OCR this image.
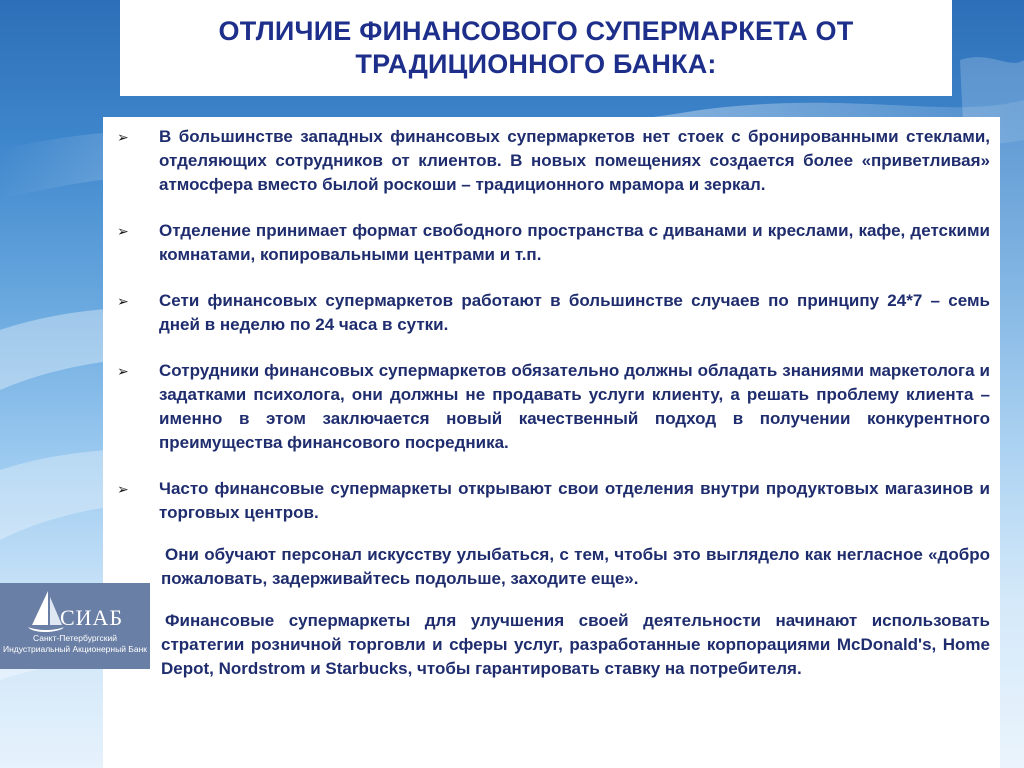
ОТЛИЧИЕ ФИНАНСОВОГО СУПЕРМАРКЕТА ОТ ТРАДИЦИОННОГО БАНКА:
➢	В большинстве западных финансовых супермаркетов нет стоек с бронированными стеклами, отделяющих сотрудников от клиентов. В новых помещениях создается более «приветливая» атмосфера вместо былой роскоши – традиционного мрамора и зеркал.

➢	Отделение принимает формат свободного пространства с диванами и креслами, кафе, детскими комнатами, копировальными центрами и т.п.

➢	Сети финансовых супермаркетов работают в большинстве случаев по принципу 24*7 – семь дней в неделю по 24 часа в сутки.

➢	Сотрудники финансовых супермаркетов обязательно должны обладать знаниями маркетолога и задатками психолога, они должны не продавать услуги клиенту, а решать проблему клиента – именно в этом заключается новый качественный подход в получении конкурентного преимущества финансового посредника.

➢	Часто финансовые супермаркеты открывают свои отделения внутри продуктовых магазинов и торговых центров.

Они обучают персонал искусству улыбаться, с тем, чтобы это выглядело как негласное «добро пожаловать, задерживайтесь подольше, заходите еще».

Финансовые супермаркеты для улучшения своей деятельности начинают использовать стратегии розничной торговли и сферы услуг, разработанные корпорациями McDonald's, Home Depot, Nordstrom и Starbucks, чтобы гарантировать ставку на потребителя.

СИАБ
Санкт-Петербургский
Индустриальный Акционерный Банк
